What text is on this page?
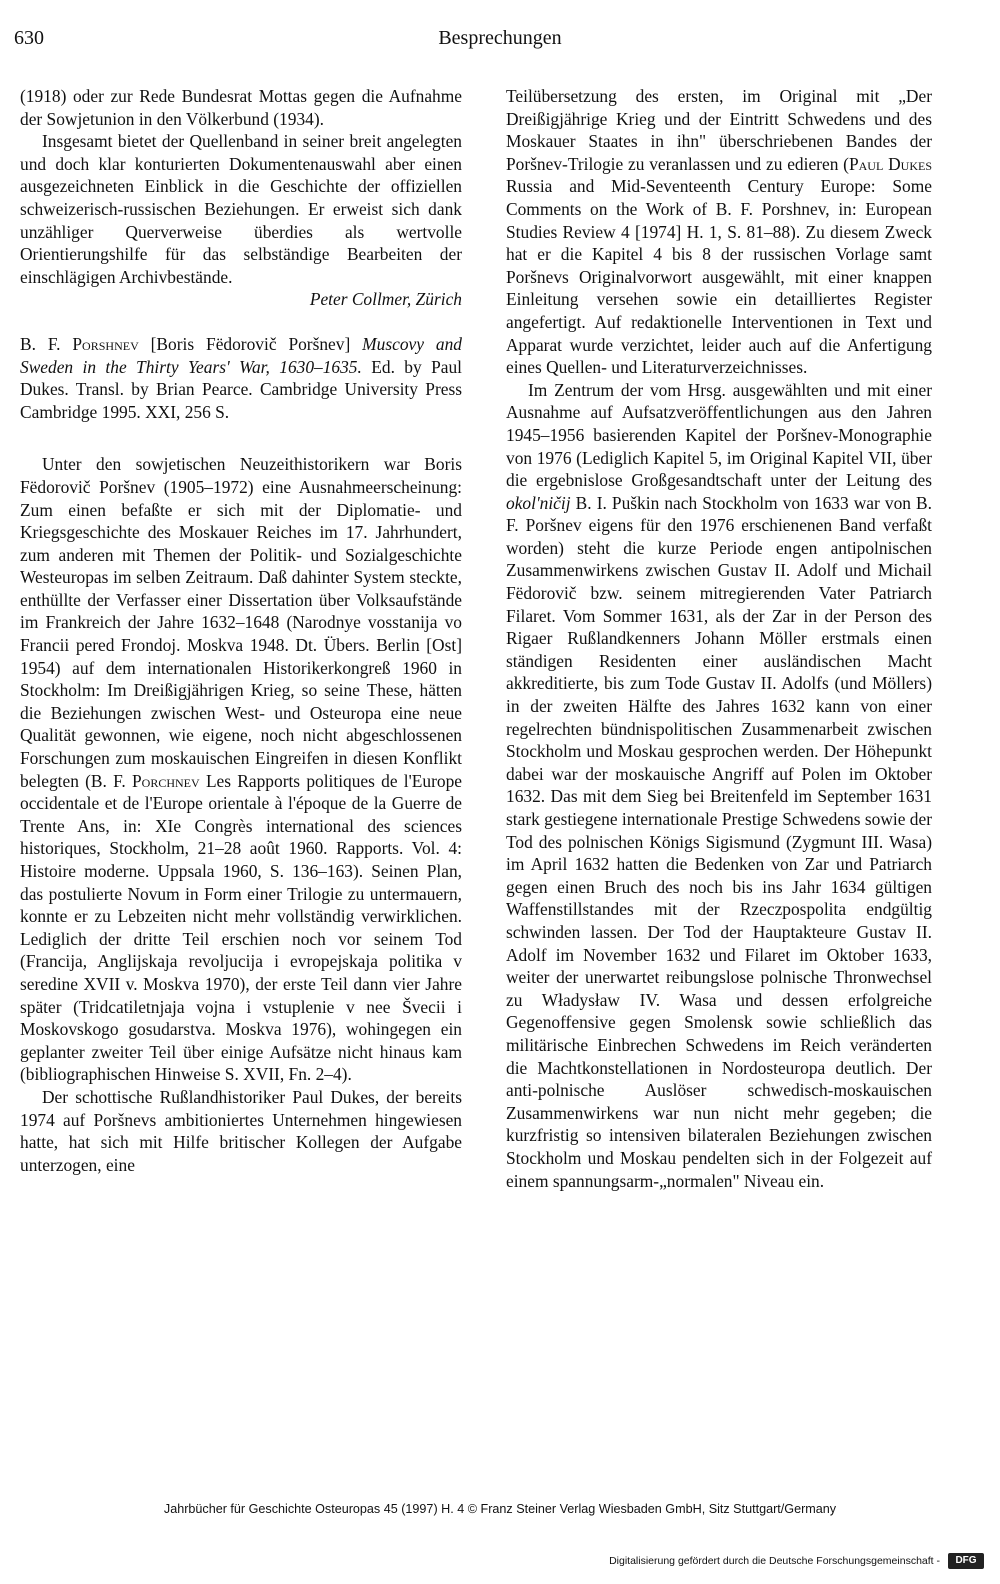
630	Besprechungen

(1918) oder zur Rede Bundesrat Mottas gegen die Aufnahme der Sowjetunion in den Völkerbund (1934).

Insgesamt bietet der Quellenband in seiner breit angelegten und doch klar konturierten Dokumentenauswahl aber einen ausgezeichneten Einblick in die Geschichte der offiziellen schweizerisch-russischen Beziehungen. Er erweist sich dank unzähliger Querverweise überdies als wertvolle Orientierungshilfe für das selbständige Bearbeiten der einschlägigen Archivbestände.

Peter Collmer, Zürich

B. F. Porshnev [Boris Fëdorovič Poršnev] Muscovy and Sweden in the Thirty Years' War, 1630–1635. Ed. by Paul Dukes. Transl. by Brian Pearce. Cambridge University Press Cambridge 1995. XXI, 256 S.

Unter den sowjetischen Neuzeithistorikern war Boris Fëdorovič Poršnev (1905–1972) eine Ausnahmeerscheinung: Zum einen befaßte er sich mit der Diplomatie- und Kriegsgeschichte des Moskauer Reiches im 17. Jahrhundert, zum anderen mit Themen der Politik- und Sozialgeschichte Westeuropas im selben Zeitraum. Daß dahinter System steckte, enthüllte der Verfasser einer Dissertation über Volksaufstände im Frankreich der Jahre 1632–1648 (Narodnye vosstanija vo Francii pered Frondoj. Moskva 1948. Dt. Übers. Berlin [Ost] 1954) auf dem internationalen Historikerkongreß 1960 in Stockholm: Im Dreißigjährigen Krieg, so seine These, hätten die Beziehungen zwischen West- und Osteuropa eine neue Qualität gewonnen, wie eigene, noch nicht abgeschlossenen Forschungen zum moskauischen Eingreifen in diesen Konflikt belegten (B. F. Porchnev Les Rapports politiques de l'Europe occidentale et de l'Europe orientale à l'époque de la Guerre de Trente Ans, in: XIe Congrès international des sciences historiques, Stockholm, 21–28 août 1960. Rapports. Vol. 4: Histoire moderne. Uppsala 1960, S. 136–163). Seinen Plan, das postulierte Novum in Form einer Trilogie zu untermauern, konnte er zu Lebzeiten nicht mehr vollständig verwirklichen. Lediglich der dritte Teil erschien noch vor seinem Tod (Francija, Anglijskaja revoljucija i evropejskaja politika v seredine XVII v. Moskva 1970), der erste Teil dann vier Jahre später (Tridcatiletnjaja vojna i vstuplenie v nee Švecii i Moskovskogo gosudarstva. Moskva 1976), wohingegen ein geplanter zweiter Teil über einige Aufsätze nicht hinaus kam (bibliographischen Hinweise S. XVII, Fn. 2–4).

Der schottische Rußlandhistoriker Paul Dukes, der bereits 1974 auf Poršnevs ambitioniertes Unternehmen hingewiesen hatte, hat sich mit Hilfe britischer Kollegen der Aufgabe unterzogen, eine

Teilübersetzung des ersten, im Original mit „Der Dreißigjährige Krieg und der Eintritt Schwedens und des Moskauer Staates in ihn" überschriebenen Bandes der Poršnev-Trilogie zu veranlassen und zu edieren (Paul Dukes Russia and Mid-Seventeenth Century Europe: Some Comments on the Work of B. F. Porshnev, in: European Studies Review 4 [1974] H. 1, S. 81–88). Zu diesem Zweck hat er die Kapitel 4 bis 8 der russischen Vorlage samt Poršnevs Originalvorwort ausgewählt, mit einer knappen Einleitung versehen sowie ein detailliertes Register angefertigt. Auf redaktionelle Interventionen in Text und Apparat wurde verzichtet, leider auch auf die Anfertigung eines Quellen- und Literaturverzeichnisses.

Im Zentrum der vom Hrsg. ausgewählten und mit einer Ausnahme auf Aufsatzveröffentlichungen aus den Jahren 1945–1956 basierenden Kapitel der Poršnev-Monographie von 1976 (Lediglich Kapitel 5, im Original Kapitel VII, über die ergebnislose Großgesandtschaft unter der Leitung des okol'ničij B. I. Puškin nach Stockholm von 1633 war von B. F. Poršnev eigens für den 1976 erschienenen Band verfaßt worden) steht die kurze Periode engen antipolnischen Zusammenwirkens zwischen Gustav II. Adolf und Michail Fëdorovič bzw. seinem mitregierenden Vater Patriarch Filaret. Vom Sommer 1631, als der Zar in der Person des Rigaer Rußlandkenners Johann Möller erstmals einen ständigen Residenten einer ausländischen Macht akkreditierte, bis zum Tode Gustav II. Adolfs (und Möllers) in der zweiten Hälfte des Jahres 1632 kann von einer regelrechten bündnispolitischen Zusammenarbeit zwischen Stockholm und Moskau gesprochen werden. Der Höhepunkt dabei war der moskauische Angriff auf Polen im Oktober 1632. Das mit dem Sieg bei Breitenfeld im September 1631 stark gestiegene internationale Prestige Schwedens sowie der Tod des polnischen Königs Sigismund (Zygmunt III. Wasa) im April 1632 hatten die Bedenken von Zar und Patriarch gegen einen Bruch des noch bis ins Jahr 1634 gültigen Waffenstillstandes mit der Rzeczpospolita endgültig schwinden lassen. Der Tod der Hauptakteure Gustav II. Adolf im November 1632 und Filaret im Oktober 1633, weiter der unerwartet reibungslose polnische Thronwechsel zu Władysław IV. Wasa und dessen erfolgreiche Gegenoffensive gegen Smolensk sowie schließlich das militärische Einbrechen Schwedens im Reich veränderten die Machtkonstellationen in Nordosteuropa deutlich. Der anti-polnische Auslöser schwedisch-moskauischen Zusammenwirkens war nun nicht mehr gegeben; die kurzfristig so intensiven bilateralen Beziehungen zwischen Stockholm und Moskau pendelten sich in der Folgezeit auf einem spannungsarm-„normalen" Niveau ein.

Jahrbücher für Geschichte Osteuropas 45 (1997) H. 4 © Franz Steiner Verlag Wiesbaden GmbH, Sitz Stuttgart/Germany
Digitalisierung gefördert durch die Deutsche Forschungsgemeinschaft -	DFG
